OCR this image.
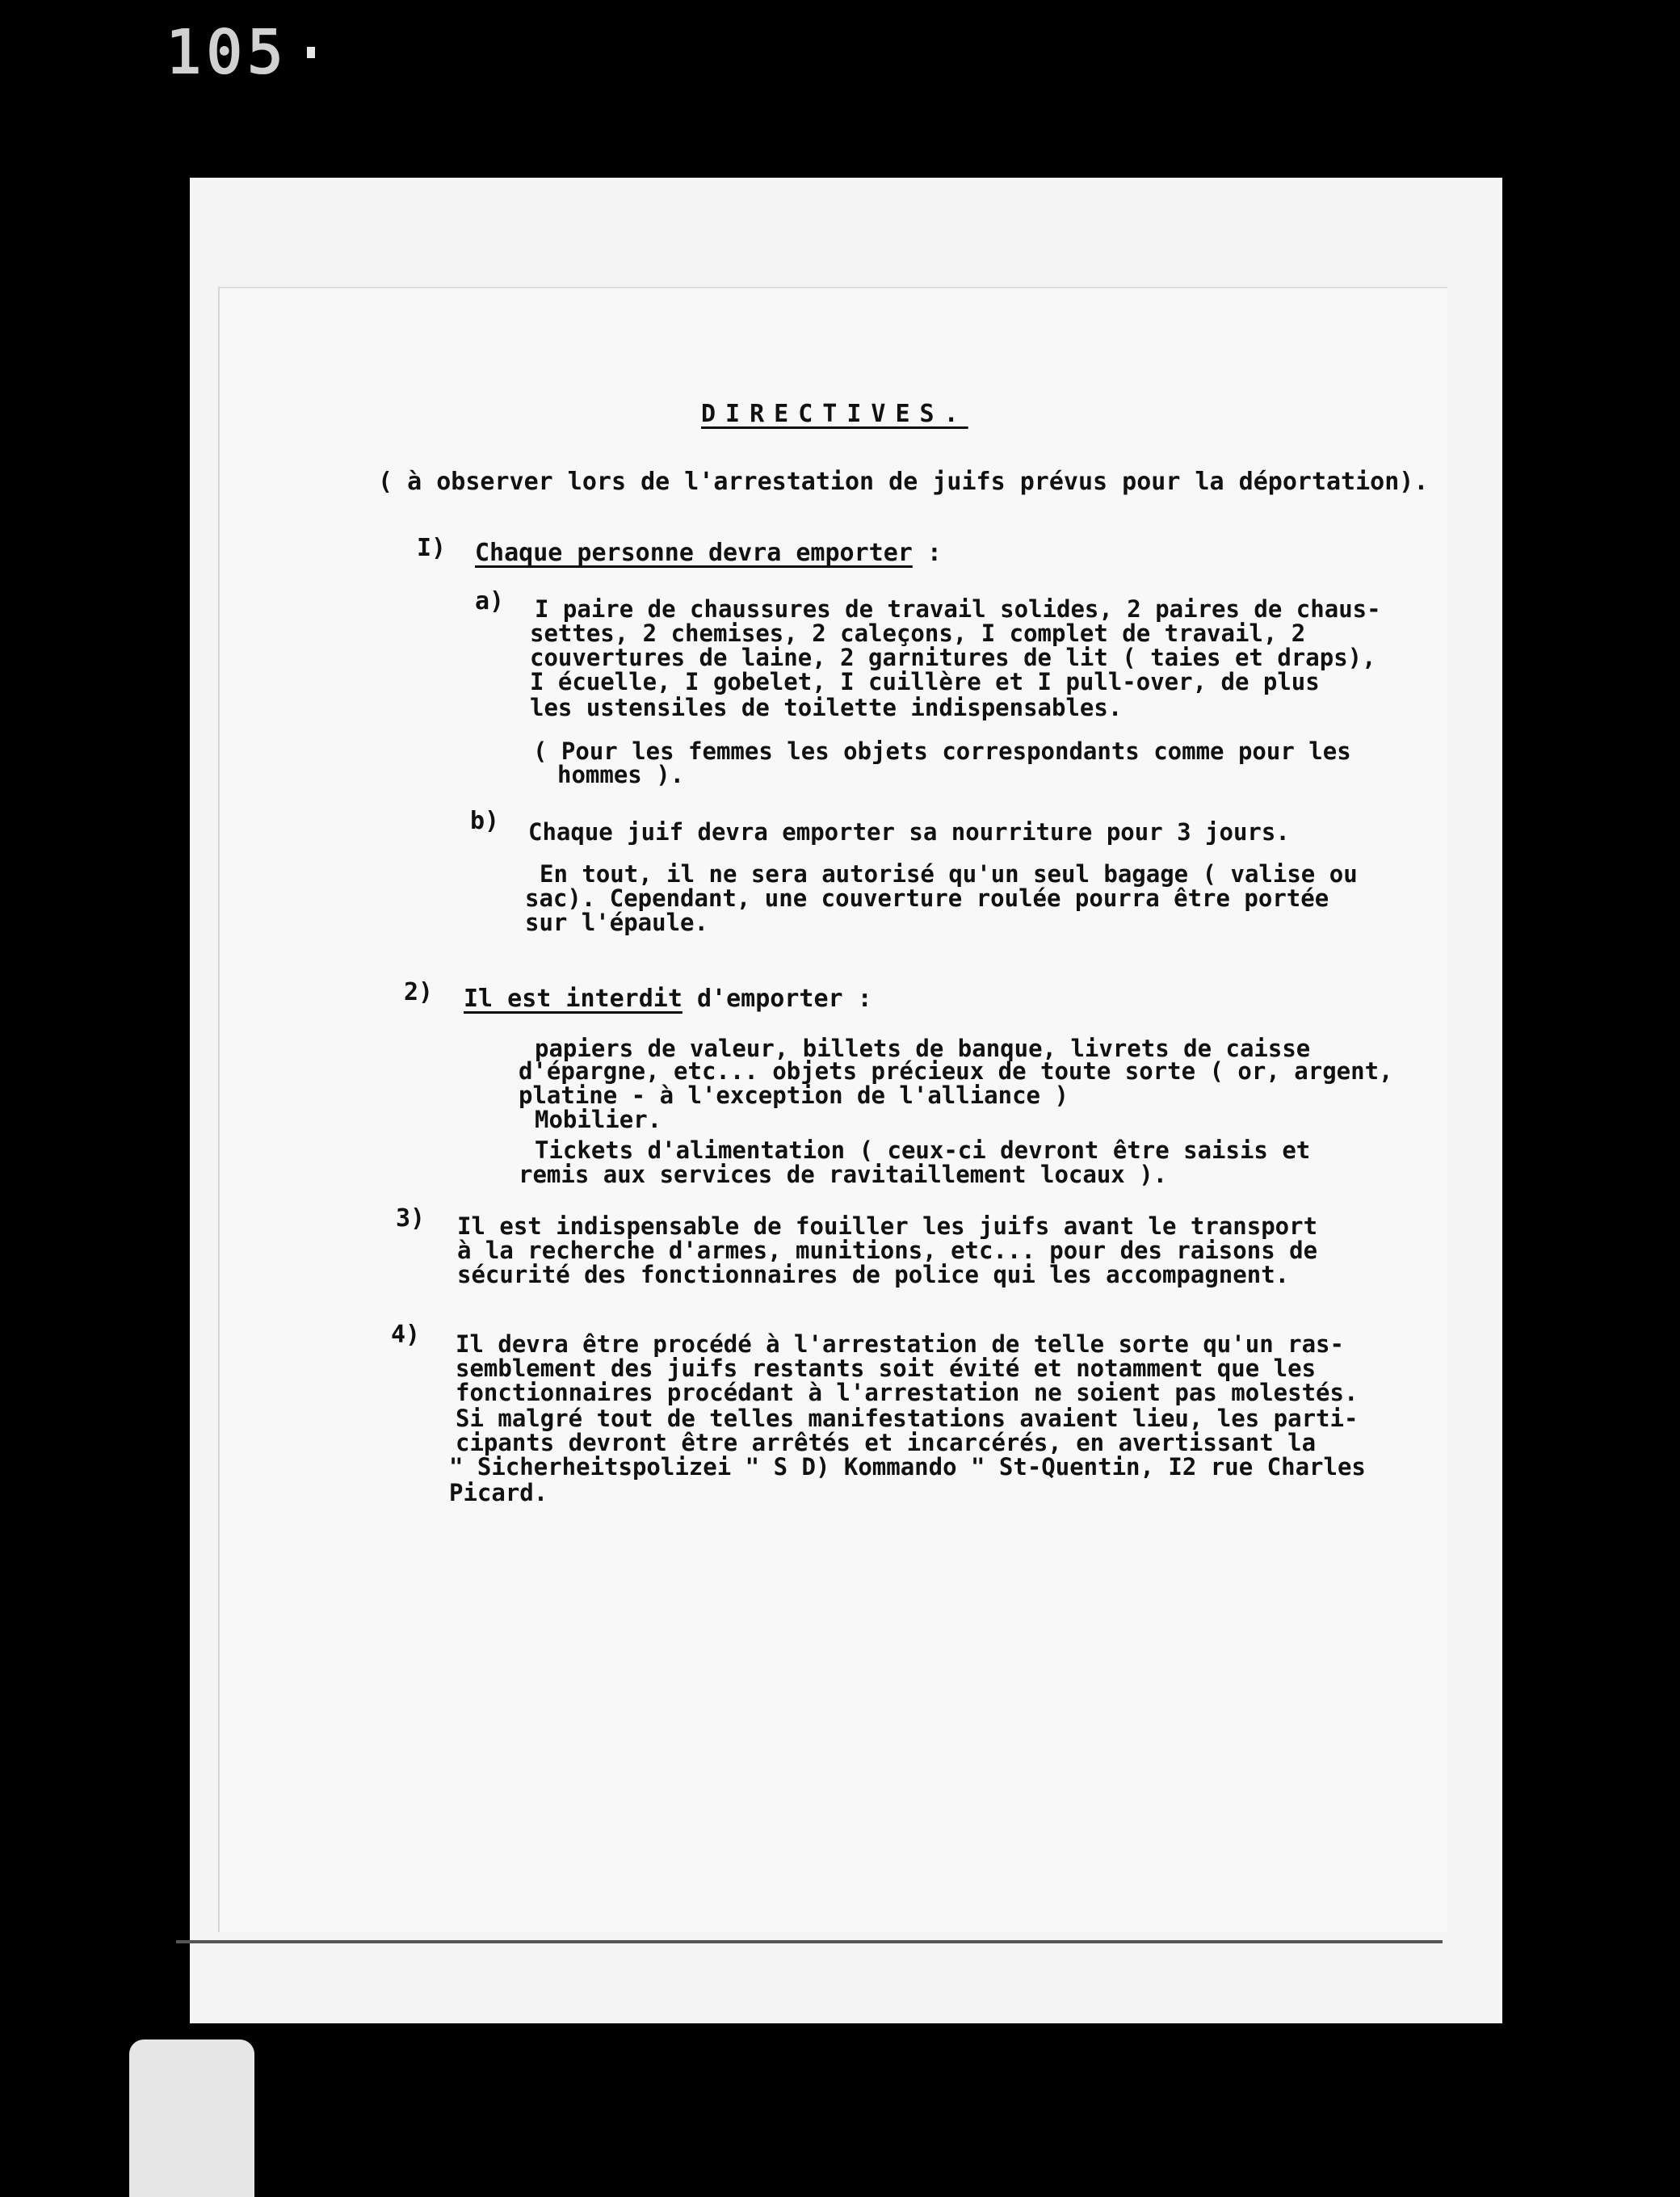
105
DIRECTIVES.
( à observer lors de l'arrestation de juifs prévus pour la déportation).
I) Chaque personne devra emporter :
a) I paire de chaussures de travail solides, 2 paires de chaus-
settes, 2 chemises, 2 caleçons, I complet de travail, 2
couvertures de laine, 2 garnitures de lit ( taies et draps),
I écuelle, I gobelet, I cuillère et I pull-over, de plus
les ustensiles de toilette indispensables.
( Pour les femmes les objets correspondants comme pour les
hommes ).
b) Chaque juif devra emporter sa nourriture pour 3 jours.
En tout, il ne sera autorisé qu'un seul bagage ( valise ou
sac). Cependant, une couverture roulée pourra être portée
sur l'épaule.
2) Il est interdit d'emporter :
papiers de valeur, billets de banque, livrets de caisse
d'épargne, etc... objets précieux de toute sorte ( or, argent,
platine - à l'exception de l'alliance )
Mobilier.
Tickets d'alimentation ( ceux-ci devront être saisis et
remis aux services de ravitaillement locaux ).
3) Il est indispensable de fouiller les juifs avant le transport
à la recherche d'armes, munitions, etc... pour des raisons de
sécurité des fonctionnaires de police qui les accompagnent.
4) Il devra être procédé à l'arrestation de telle sorte qu'un ras-
semblement des juifs restants soit évité et notamment que les
fonctionnaires procédant à l'arrestation ne soient pas molestés.
Si malgré tout de telles manifestations avaient lieu, les parti-
cipants devront être arrêtés et incarcérés, en avertissant la
" Sicherheitspolizei " S D) Kommando " St-Quentin, I2 rue Charles
Picard.
